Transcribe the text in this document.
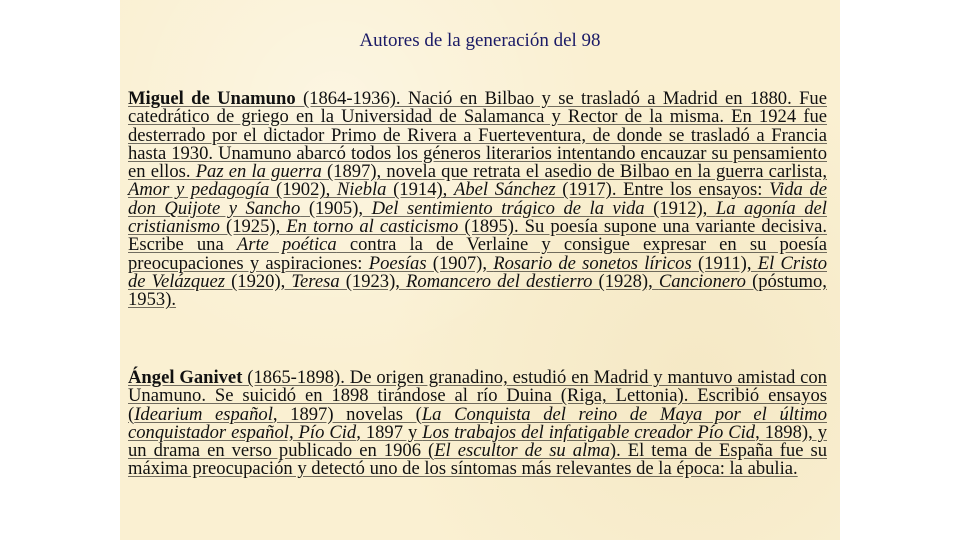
Autores de la generación del 98
Miguel de Unamuno (1864-1936). Nació en Bilbao y se trasladó a Madrid en 1880. Fue catedrático de griego en la Universidad de Salamanca y Rector de la misma. En 1924 fue desterrado por el dictador Primo de Rivera a Fuerteventura, de donde se trasladó a Francia hasta 1930. Unamuno abarcó todos los géneros literarios intentando encauzar su pensamiento en ellos. Paz en la guerra (1897), novela que retrata el asedio de Bilbao en la guerra carlista, Amor y pedagogía (1902), Niebla (1914), Abel Sánchez (1917). Entre los ensayos: Vida de don Quijote y Sancho (1905), Del sentimiento trágico de la vida (1912), La agonía del cristianismo (1925), En torno al casticismo (1895). Su poesía supone una variante decisiva. Escribe una Arte poética contra la de Verlaine y consigue expresar en su poesía preocupaciones y aspiraciones: Poesías (1907), Rosario de sonetos líricos (1911), El Cristo de Velázquez (1920), Teresa (1923), Romancero del destierro (1928), Cancionero (póstumo, 1953).
Ángel Ganivet (1865-1898). De origen granadino, estudió en Madrid y mantuvo amistad con Unamuno. Se suicidó en 1898 tirándose al río Duina (Riga, Lettonia). Escribió ensayos (Idearium español, 1897) novelas (La Conquista del reino de Maya por el último conquistador español, Pío Cid, 1897 y Los trabajos del infatigable creador Pío Cid, 1898), y un drama en verso publicado en 1906 (El escultor de su alma). El tema de España fue su máxima preocupación y detectó uno de los síntomas más relevantes de la época: la abulia.
